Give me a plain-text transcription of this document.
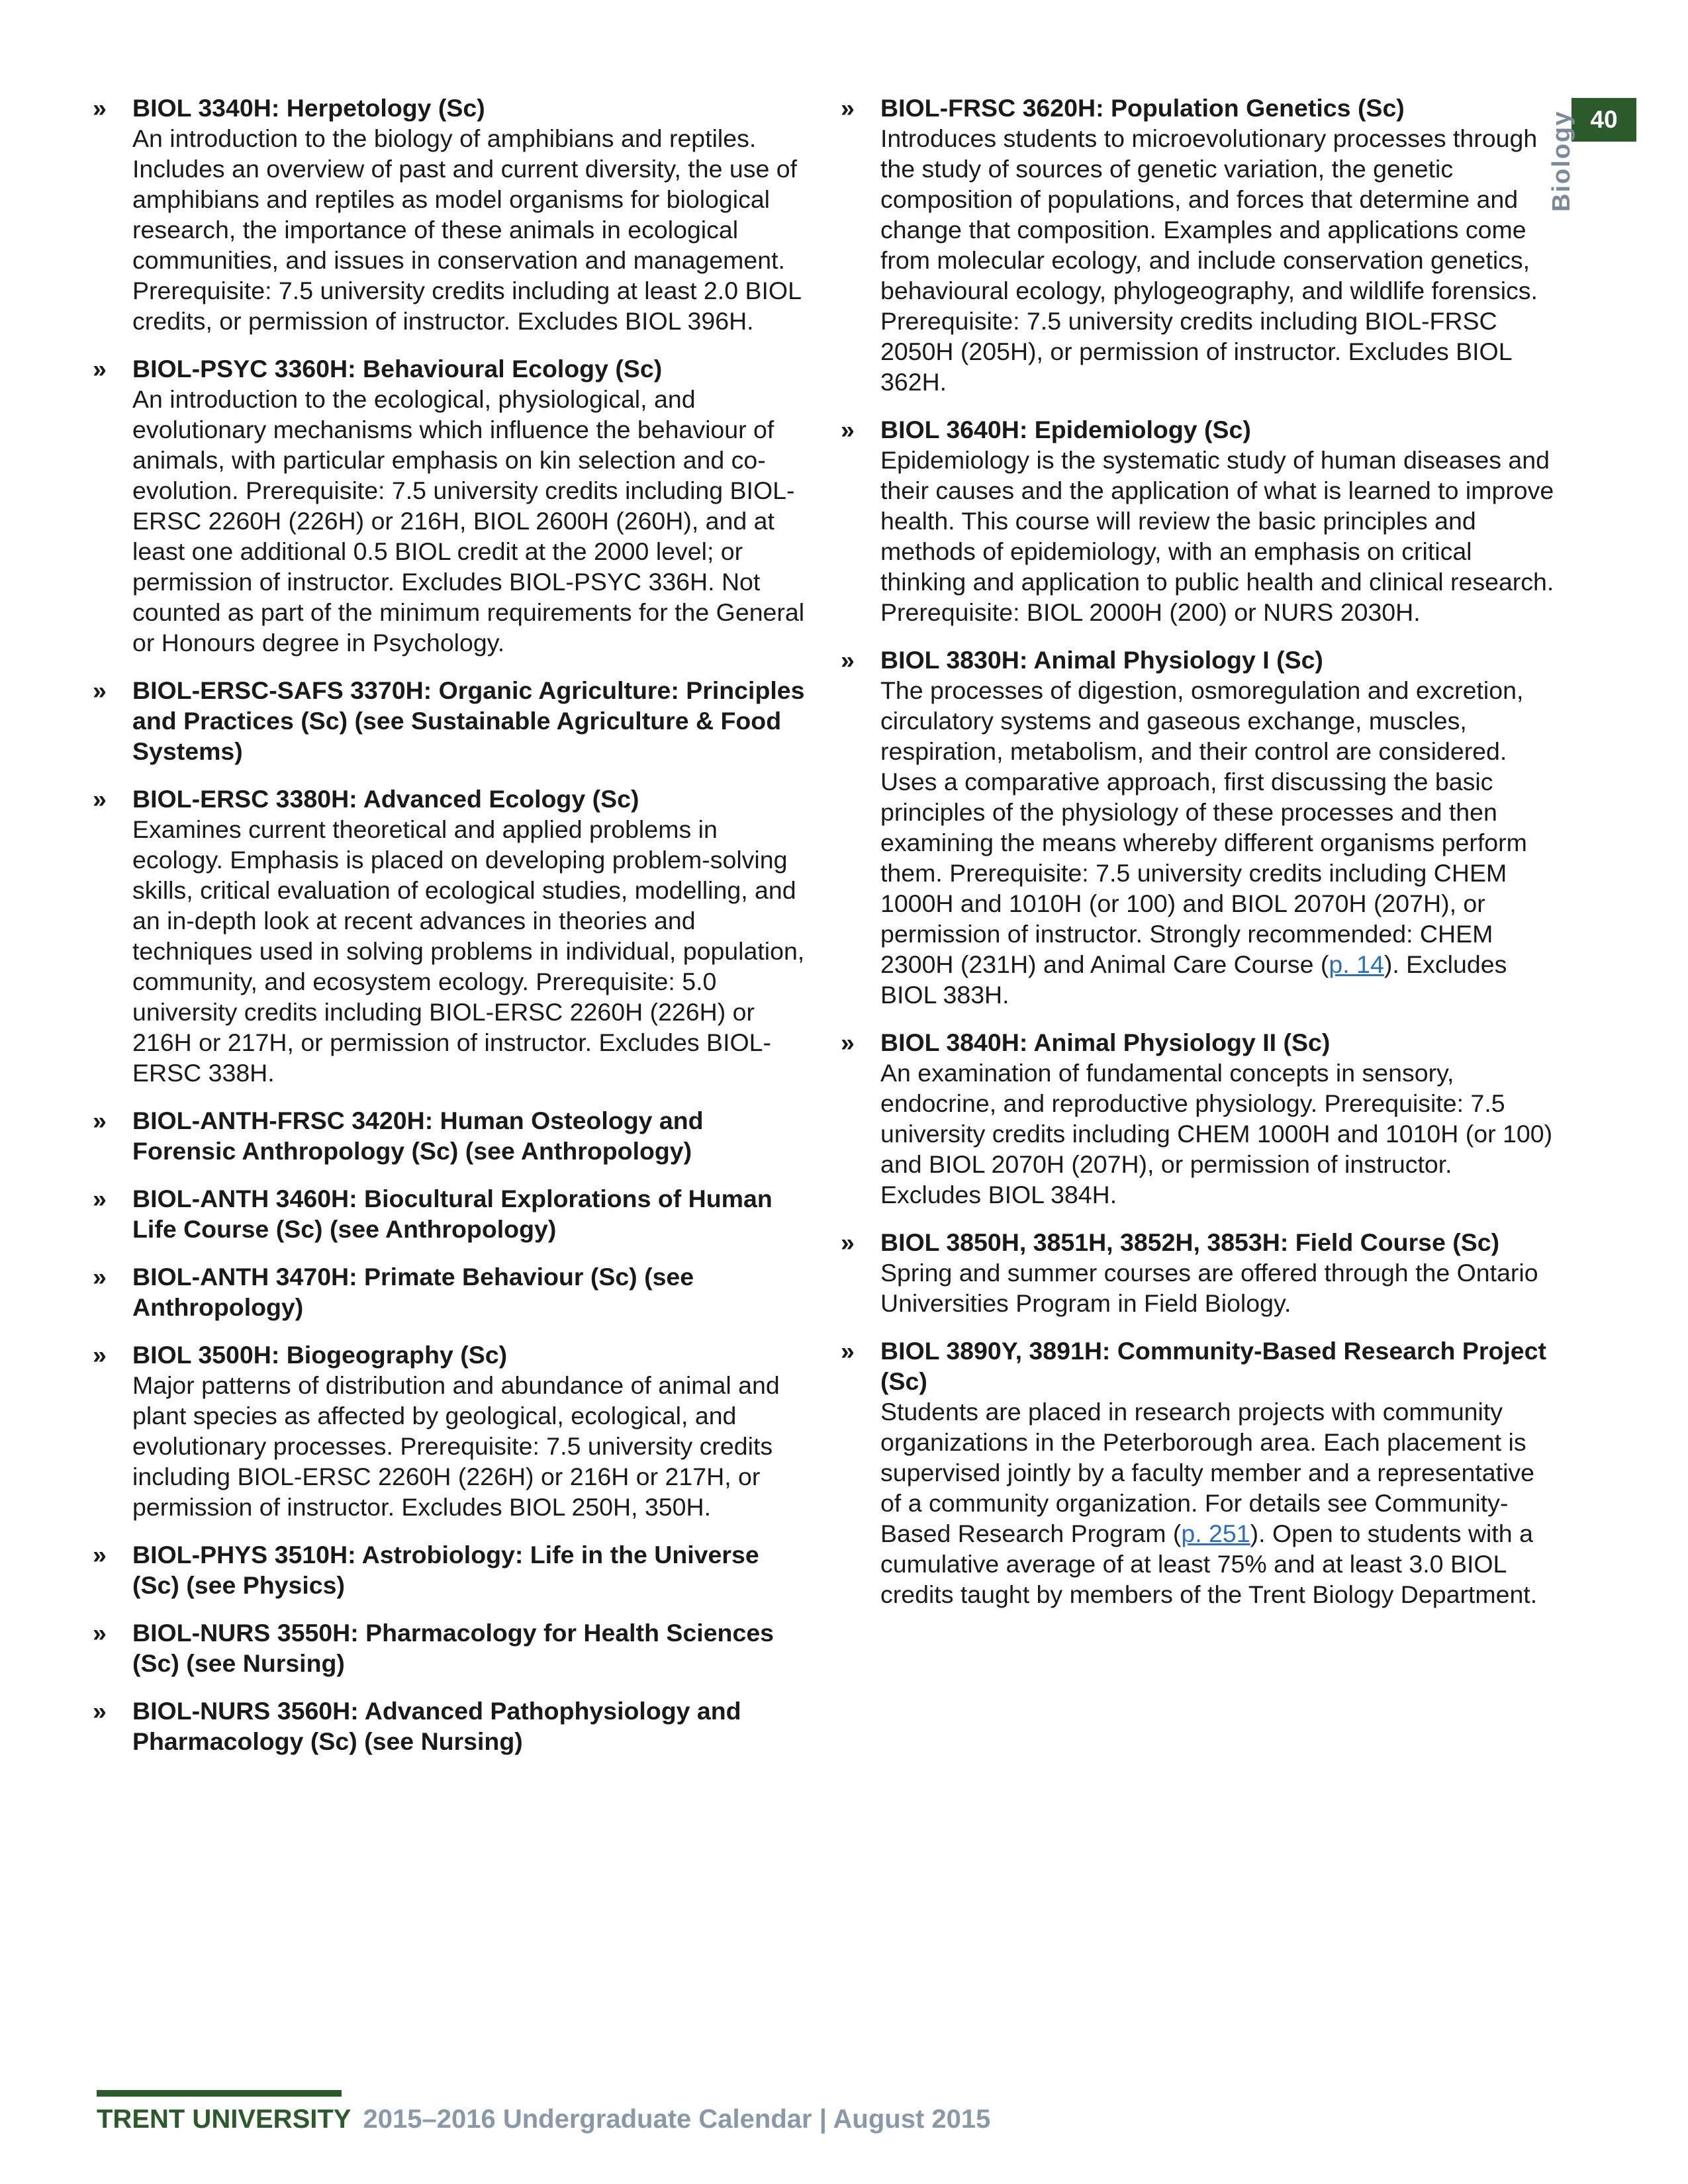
40
Biology
» BIOL 3340H: Herpetology (Sc)
An introduction to the biology of amphibians and reptiles. Includes an overview of past and current diversity, the use of amphibians and reptiles as model organisms for biological research, the importance of these animals in ecological communities, and issues in conservation and management. Prerequisite: 7.5 university credits including at least 2.0 BIOL credits, or permission of instructor. Excludes BIOL 396H.
» BIOL-PSYC 3360H: Behavioural Ecology (Sc)
An introduction to the ecological, physiological, and evolutionary mechanisms which influence the behaviour of animals, with particular emphasis on kin selection and co-evolution. Prerequisite: 7.5 university credits including BIOL-ERSC 2260H (226H) or 216H, BIOL 2600H (260H), and at least one additional 0.5 BIOL credit at the 2000 level; or permission of instructor. Excludes BIOL-PSYC 336H. Not counted as part of the minimum requirements for the General or Honours degree in Psychology.
» BIOL-ERSC-SAFS 3370H: Organic Agriculture: Principles and Practices (Sc) (see Sustainable Agriculture & Food Systems)
» BIOL-ERSC 3380H: Advanced Ecology (Sc)
Examines current theoretical and applied problems in ecology. Emphasis is placed on developing problem-solving skills, critical evaluation of ecological studies, modelling, and an in-depth look at recent advances in theories and techniques used in solving problems in individual, population, community, and ecosystem ecology. Prerequisite: 5.0 university credits including BIOL-ERSC 2260H (226H) or 216H or 217H, or permission of instructor. Excludes BIOL-ERSC 338H.
» BIOL-ANTH-FRSC 3420H: Human Osteology and Forensic Anthropology (Sc) (see Anthropology)
» BIOL-ANTH 3460H: Biocultural Explorations of Human Life Course (Sc) (see Anthropology)
» BIOL-ANTH 3470H: Primate Behaviour (Sc) (see Anthropology)
» BIOL 3500H: Biogeography (Sc)
Major patterns of distribution and abundance of animal and plant species as affected by geological, ecological, and evolutionary processes. Prerequisite: 7.5 university credits including BIOL-ERSC 2260H (226H) or 216H or 217H, or permission of instructor. Excludes BIOL 250H, 350H.
» BIOL-PHYS 3510H: Astrobiology: Life in the Universe (Sc) (see Physics)
» BIOL-NURS 3550H: Pharmacology for Health Sciences (Sc) (see Nursing)
» BIOL-NURS 3560H: Advanced Pathophysiology and Pharmacology (Sc) (see Nursing)
» BIOL-FRSC 3620H: Population Genetics (Sc)
Introduces students to microevolutionary processes through the study of sources of genetic variation, the genetic composition of populations, and forces that determine and change that composition. Examples and applications come from molecular ecology, and include conservation genetics, behavioural ecology, phylogeography, and wildlife forensics. Prerequisite: 7.5 university credits including BIOL-FRSC 2050H (205H), or permission of instructor. Excludes BIOL 362H.
» BIOL 3640H: Epidemiology (Sc)
Epidemiology is the systematic study of human diseases and their causes and the application of what is learned to improve health. This course will review the basic principles and methods of epidemiology, with an emphasis on critical thinking and application to public health and clinical research. Prerequisite: BIOL 2000H (200) or NURS 2030H.
» BIOL 3830H: Animal Physiology I (Sc)
The processes of digestion, osmoregulation and excretion, circulatory systems and gaseous exchange, muscles, respiration, metabolism, and their control are considered. Uses a comparative approach, first discussing the basic principles of the physiology of these processes and then examining the means whereby different organisms perform them. Prerequisite: 7.5 university credits including CHEM 1000H and 1010H (or 100) and BIOL 2070H (207H), or permission of instructor. Strongly recommended: CHEM 2300H (231H) and Animal Care Course (p. 14). Excludes BIOL 383H.
» BIOL 3840H: Animal Physiology II (Sc)
An examination of fundamental concepts in sensory, endocrine, and reproductive physiology. Prerequisite: 7.5 university credits including CHEM 1000H and 1010H (or 100) and BIOL 2070H (207H), or permission of instructor. Excludes BIOL 384H.
» BIOL 3850H, 3851H, 3852H, 3853H: Field Course (Sc)
Spring and summer courses are offered through the Ontario Universities Program in Field Biology.
» BIOL 3890Y, 3891H: Community-Based Research Project (Sc)
Students are placed in research projects with community organizations in the Peterborough area. Each placement is supervised jointly by a faculty member and a representative of a community organization. For details see Community-Based Research Program (p. 251). Open to students with a cumulative average of at least 75% and at least 3.0 BIOL credits taught by members of the Trent Biology Department.
TRENT UNIVERSITY 2015–2016 Undergraduate Calendar | August 2015
